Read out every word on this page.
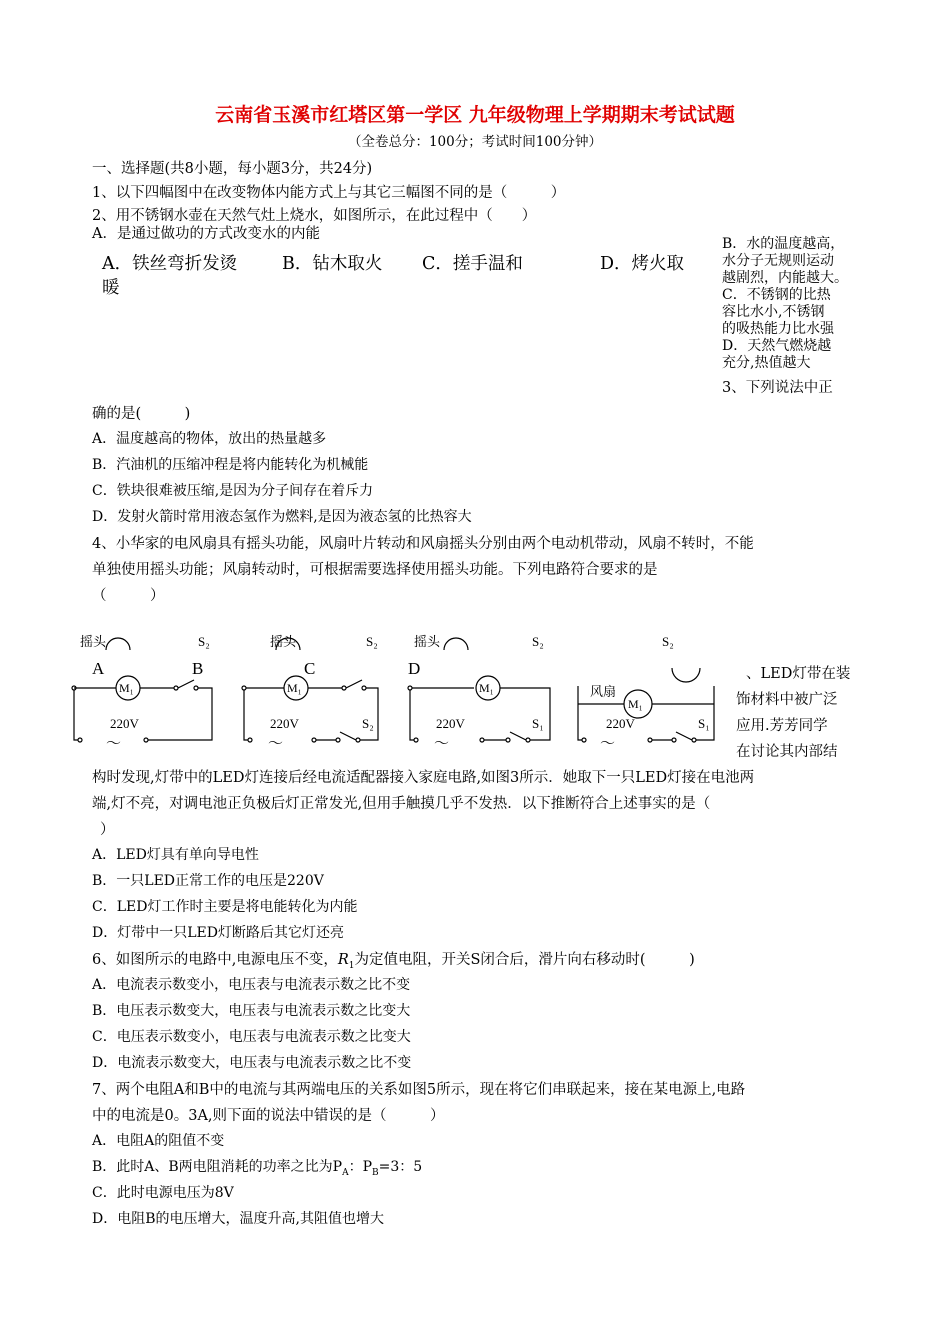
云南省玉溪市红塔区第一学区 九年级物理上学期期末考试试题
（全卷总分：100分；考试时间100分钟）
一、选择题(共8小题，每小题3分，共24分)
1、以下四幅图中在改变物体内能方式上与其它三幅图不同的是（　　　）
2、用不锈钢水壶在天然气灶上烧水，如图所示，在此过程中（　　）
A．是通过做功的方式改变水的内能
A．铁丝弯折发烫	B．钻木取火 C．搓手温和	D．烤火取
暖
B．水的温度越高，
水分子无规则运动
越剧烈，内能越大。
C．不锈钢的比热
容比水小,不锈钢
的吸热能力比水强
D．天然气燃烧越
充分,热值越大
3、下列说法中正
确的是(　　　)
A．温度越高的物体，放出的热量越多
B．汽油机的压缩冲程是将内能转化为机械能
C．铁块很难被压缩,是因为分子间存在着斥力
D．发射火箭时常用液态氢作为燃料,是因为液态氢的比热容大
4、小华家的电风扇具有摇头功能，风扇叶片转动和风扇摇头分别由两个电动机带动，风扇不转时，不能
单独使用摇头功能；风扇转动时，可根据需要选择使用摇头功能。下列电路符合要求的是
（　　　）
摇头	S₂
M₁
220V
～
A	B
摇头	S₂
M₁
220V	S₂
～
C
摇头	S₂
M₁
220V	S₁
～
D
S₂
风扇
M₁
220V	S₁
～
、LED灯带在装
饰材料中被广泛
应用.芳芳同学
在讨论其内部结
构时发现,灯带中的LED灯连接后经电流适配器接入家庭电路,如图3所示．她取下一只LED灯接在电池两
端,灯不亮，对调电池正负极后灯正常发光,但用手触摸几乎不发热．以下推断符合上述事实的是（
）
A．LED灯具有单向导电性
B．一只LED正常工作的电压是220V
C．LED灯工作时主要是将电能转化为内能
D．灯带中一只LED灯断路后其它灯还亮
6、如图所示的电路中,电源电压不变，$R_1$为定值电阻，开关S闭合后，滑片向右移动时(　　　)
A．电流表示数变小，电压表与电流表示数之比不变
B．电压表示数变大，电压表与电流表示数之比变大
C．电压表示数变小，电压表与电流表示数之比变大
D．电流表示数变大，电压表与电流表示数之比不变
7、两个电阻A和B中的电流与其两端电压的关系如图5所示，现在将它们串联起来，接在某电源上,电路
中的电流是0。3A,则下面的说法中错误的是（　　　）
A．电阻A的阻值不变
B．此时A、B两电阻消耗的功率之比为$P_A$：$P_B=3$：5
C．此时电源电压为8V
D．电阻B的电压增大，温度升高,其阻值也增大
